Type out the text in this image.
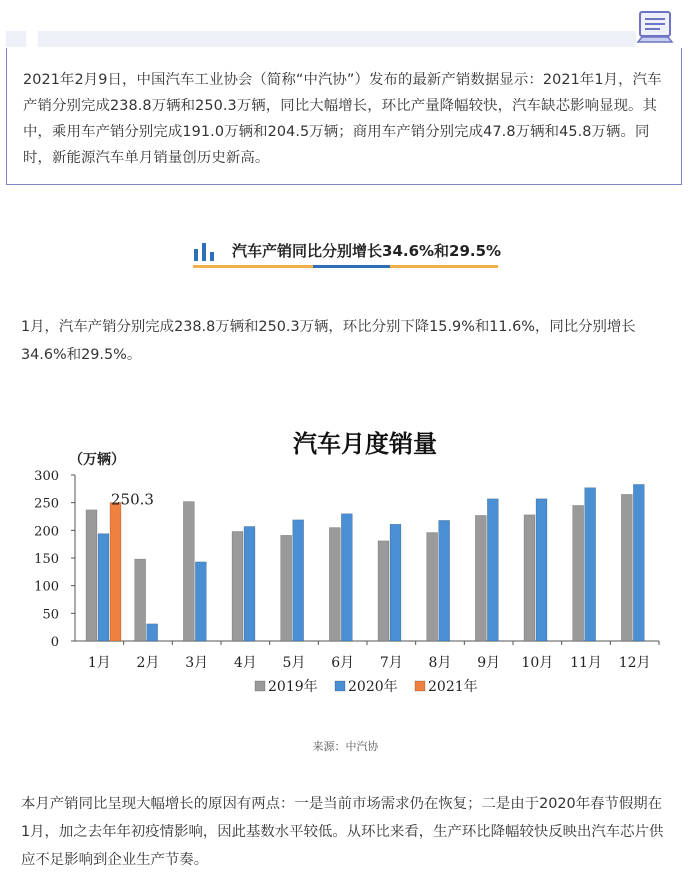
2021年2月9日，中国汽车工业协会（简称“中汽协”）发布的最新产销数据显示：2021年1月，汽车产销分别完成238.8万辆和250.3万辆，同比大幅增长，环比产量降幅较快，汽车缺芯影响显现。其中，乘用车产销分别完成191.0万辆和204.5万辆；商用车产销分别完成47.8万辆和45.8万辆。同时，新能源汽车单月销量创历史新高。
汽车产销同比分别增长34.6%和29.5%
1月，汽车产销分别完成238.8万辆和250.3万辆，环比分别下降15.9%和11.6%，同比分别增长34.6%和29.5%。
汽车月度销量
（万辆）
0
50
100
150
200
250
300
1月 2月 3月 4月 5月 6月 7月 8月 9月 10月 11月 12月
250.3
2019年 2020年 2021年
来源：中汽协
本月产销同比呈现大幅增长的原因有两点：一是当前市场需求仍在恢复；二是由于2020年春节假期在1月，加之去年年初疫情影响，因此基数水平较低。从环比来看，生产环比降幅较快反映出汽车芯片供应不足影响到企业生产节奏。
